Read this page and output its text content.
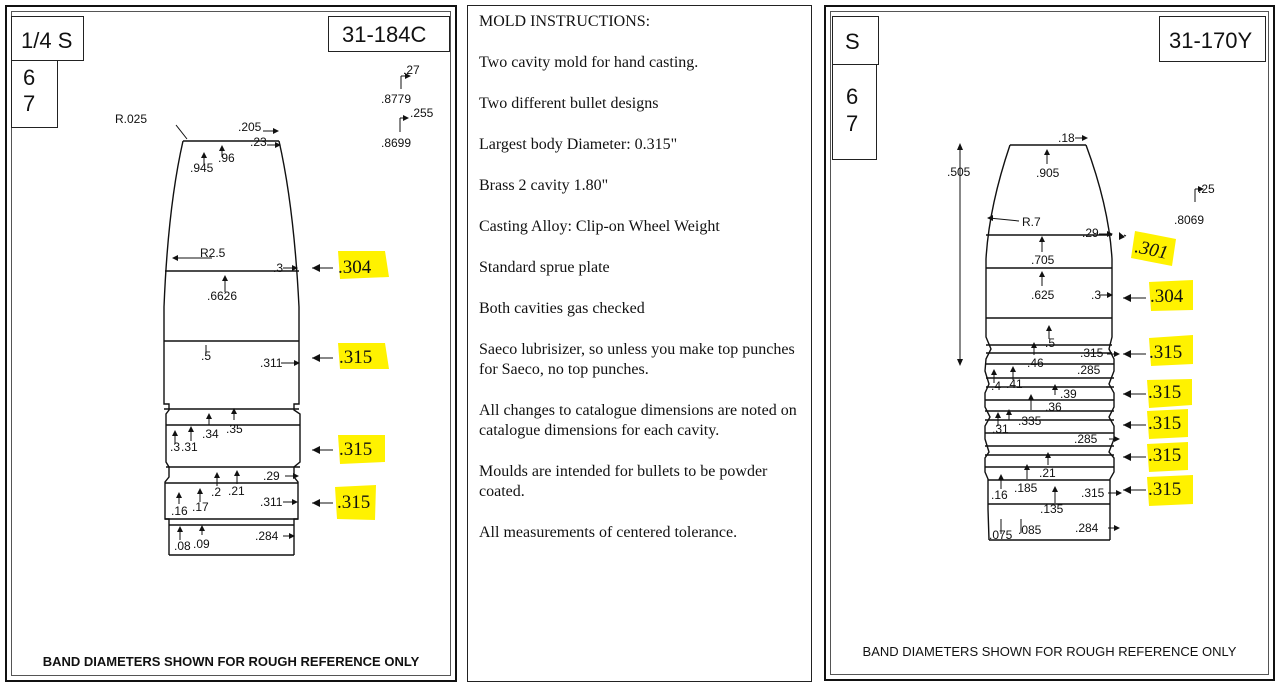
1/4 S
6
7
31-184C
R.025
.205
.23
.945
.96
.27
.8779
.255
.8699
R2.5
.3
.6626
.5	.311
.35
.34
.31
.3
.29
.21
.2
.311
.17
.16
.09
.08
.284
.304
.315
.315
.315
BAND DIAMETERS SHOWN FOR ROUGH REFERENCE ONLY
MOLD INSTRUCTIONS:
Two cavity mold for hand casting.
Two different bullet designs
Largest body Diameter: 0.315"
Brass 2 cavity 1.80"
Casting Alloy: Clip-on Wheel Weight
Standard sprue plate
Both cavities gas checked
Saeco lubrisizer, so unless you make top punches for Saeco, no top punches.
All changes to catalogue dimensions are noted on catalogue dimensions for each cavity.
Moulds are intended for bullets to be powder coated.
All measurements of centered tolerance.
S
6
7
31-170Y
.505
.18
.905
.25
.8069
R.7
.29
.705
.625	.3
.5
.46
.315
.285
.41
.4
.39
.36
.335
.31
.285
.21
.185
.16
.135
.315
.085
.075	.284
.301
.304
.315
.315
.315
.315
.315
BAND DIAMETERS SHOWN FOR ROUGH REFERENCE ONLY
